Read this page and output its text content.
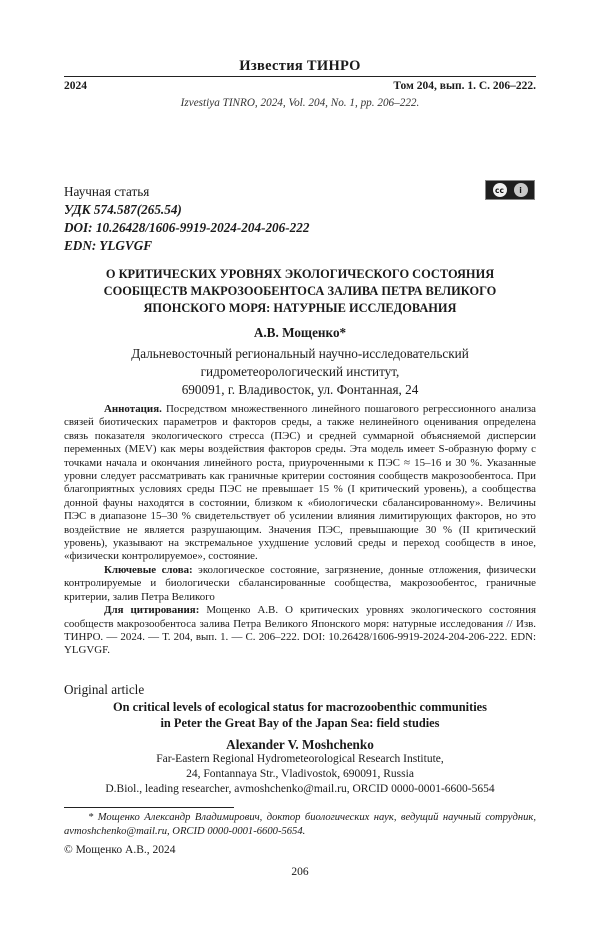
Известия ТИНРО
2024	Том 204, вып. 1. С. 206–222.
Izvestiya TINRO, 2024, Vol. 204, No. 1, pp. 206–222.
Научная статья
УДК 574.587(265.54)
DOI: 10.26428/1606-9919-2024-204-206-222
EDN: YLGVGF
cc	i
О КРИТИЧЕСКИХ УРОВНЯХ ЭКОЛОГИЧЕСКОГО СОСТОЯНИЯ
СООБЩЕСТВ МАКРОЗООБЕНТОСА ЗАЛИВА ПЕТРА ВЕЛИКОГО
ЯПОНСКОГО МОРЯ: НАТУРНЫЕ ИССЛЕДОВАНИЯ
А.В. Мощенко*
Дальневосточный региональный научно-исследовательский
гидрометеорологический институт,
690091, г. Владивосток, ул. Фонтанная, 24

Аннотация. Посредством множественного линейного пошагового регрессионного анализа связей биотических параметров и факторов среды, а также нелинейного оценивания определена связь показателя экологического стресса (ПЭС) и средней суммарной объясняемой дисперсии переменных (MEV) как меры воздействия факторов среды. Эта модель имеет S-образную форму с точками начала и окончания линейного роста, приуроченными к ПЭС ≈ 15–16 и 30 %. Указанные уровни следует рассматривать как граничные критерии состояния сообществ макрозообентоса. При благоприятных условиях среды ПЭС не превышает 15 % (I критический уровень), а сообщества донной фауны находятся в состоянии, близком к «биологически сбалансированному». Величины ПЭС в диапазоне 15–30 % свидетельствует об усилении влияния лимитирующих факторов, но это воздействие не является разрушающим. Значения ПЭС, превышающие 30 % (II критический уровень), указывают на экстремальное ухудшение условий среды и переход сообществ в иное, «физически контролируемое», состояние.

Ключевые слова: экологическое состояние, загрязнение, донные отложения, физически контролируемые и биологически сбалансированные сообщества, макрозообентос, граничные критерии, залив Петра Великого

Для цитирования: Мощенко А.В. О критических уровнях экологического состояния сообществ макрозообентоса залива Петра Великого Японского моря: натурные исследования // Изв. ТИНРО. — 2024. — Т. 204, вып. 1. — С. 206–222. DOI: 10.26428/1606-9919-2024-204-206-222. EDN: YLGVGF.

Original article
On critical levels of ecological status for macrozoobenthic communities
in Peter the Great Bay of the Japan Sea: field studies
Alexander V. Moshchenko
Far-Eastern Regional Hydrometeorological Research Institute,
24, Fontannaya Str., Vladivostok, 690091, Russia
D.Biol., leading researcher, avmoshchenko@mail.ru, ORCID 0000-0001-6600-5654
* Мощенко Александр Владимирович, доктор биологических наук, ведущий научный сотрудник, avmoshchenko@mail.ru, ORCID 0000-0001-6600-5654.
© Мощенко А.В., 2024
206
